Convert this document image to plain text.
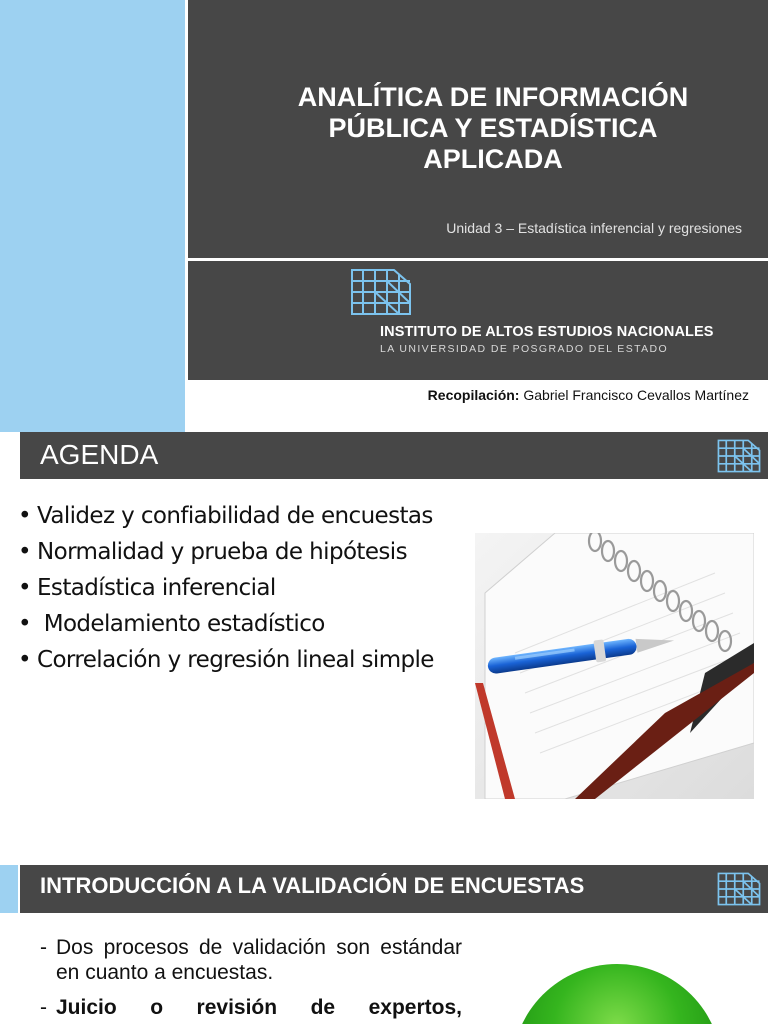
ANALÍTICA DE INFORMACIÓN
PÚBLICA Y ESTADÍSTICA
APLICADA
Unidad 3 – Estadística inferencial y regresiones
INSTITUTO DE ALTOS ESTUDIOS NACIONALES
LA UNIVERSIDAD DE POSGRADO DEL ESTADO
Recopilación: Gabriel Francisco Cevallos Martínez
AGENDA
• Validez y confiabilidad de encuestas
• Normalidad y prueba de hipótesis
• Estadística inferencial
• Modelamiento estadístico
• Correlación y regresión lineal simple
INTRODUCCIÓN A LA VALIDACIÓN DE ENCUESTAS
- Dos procesos de validación son estándar en cuanto a encuestas.
- Juicio o revisión de expertos,
